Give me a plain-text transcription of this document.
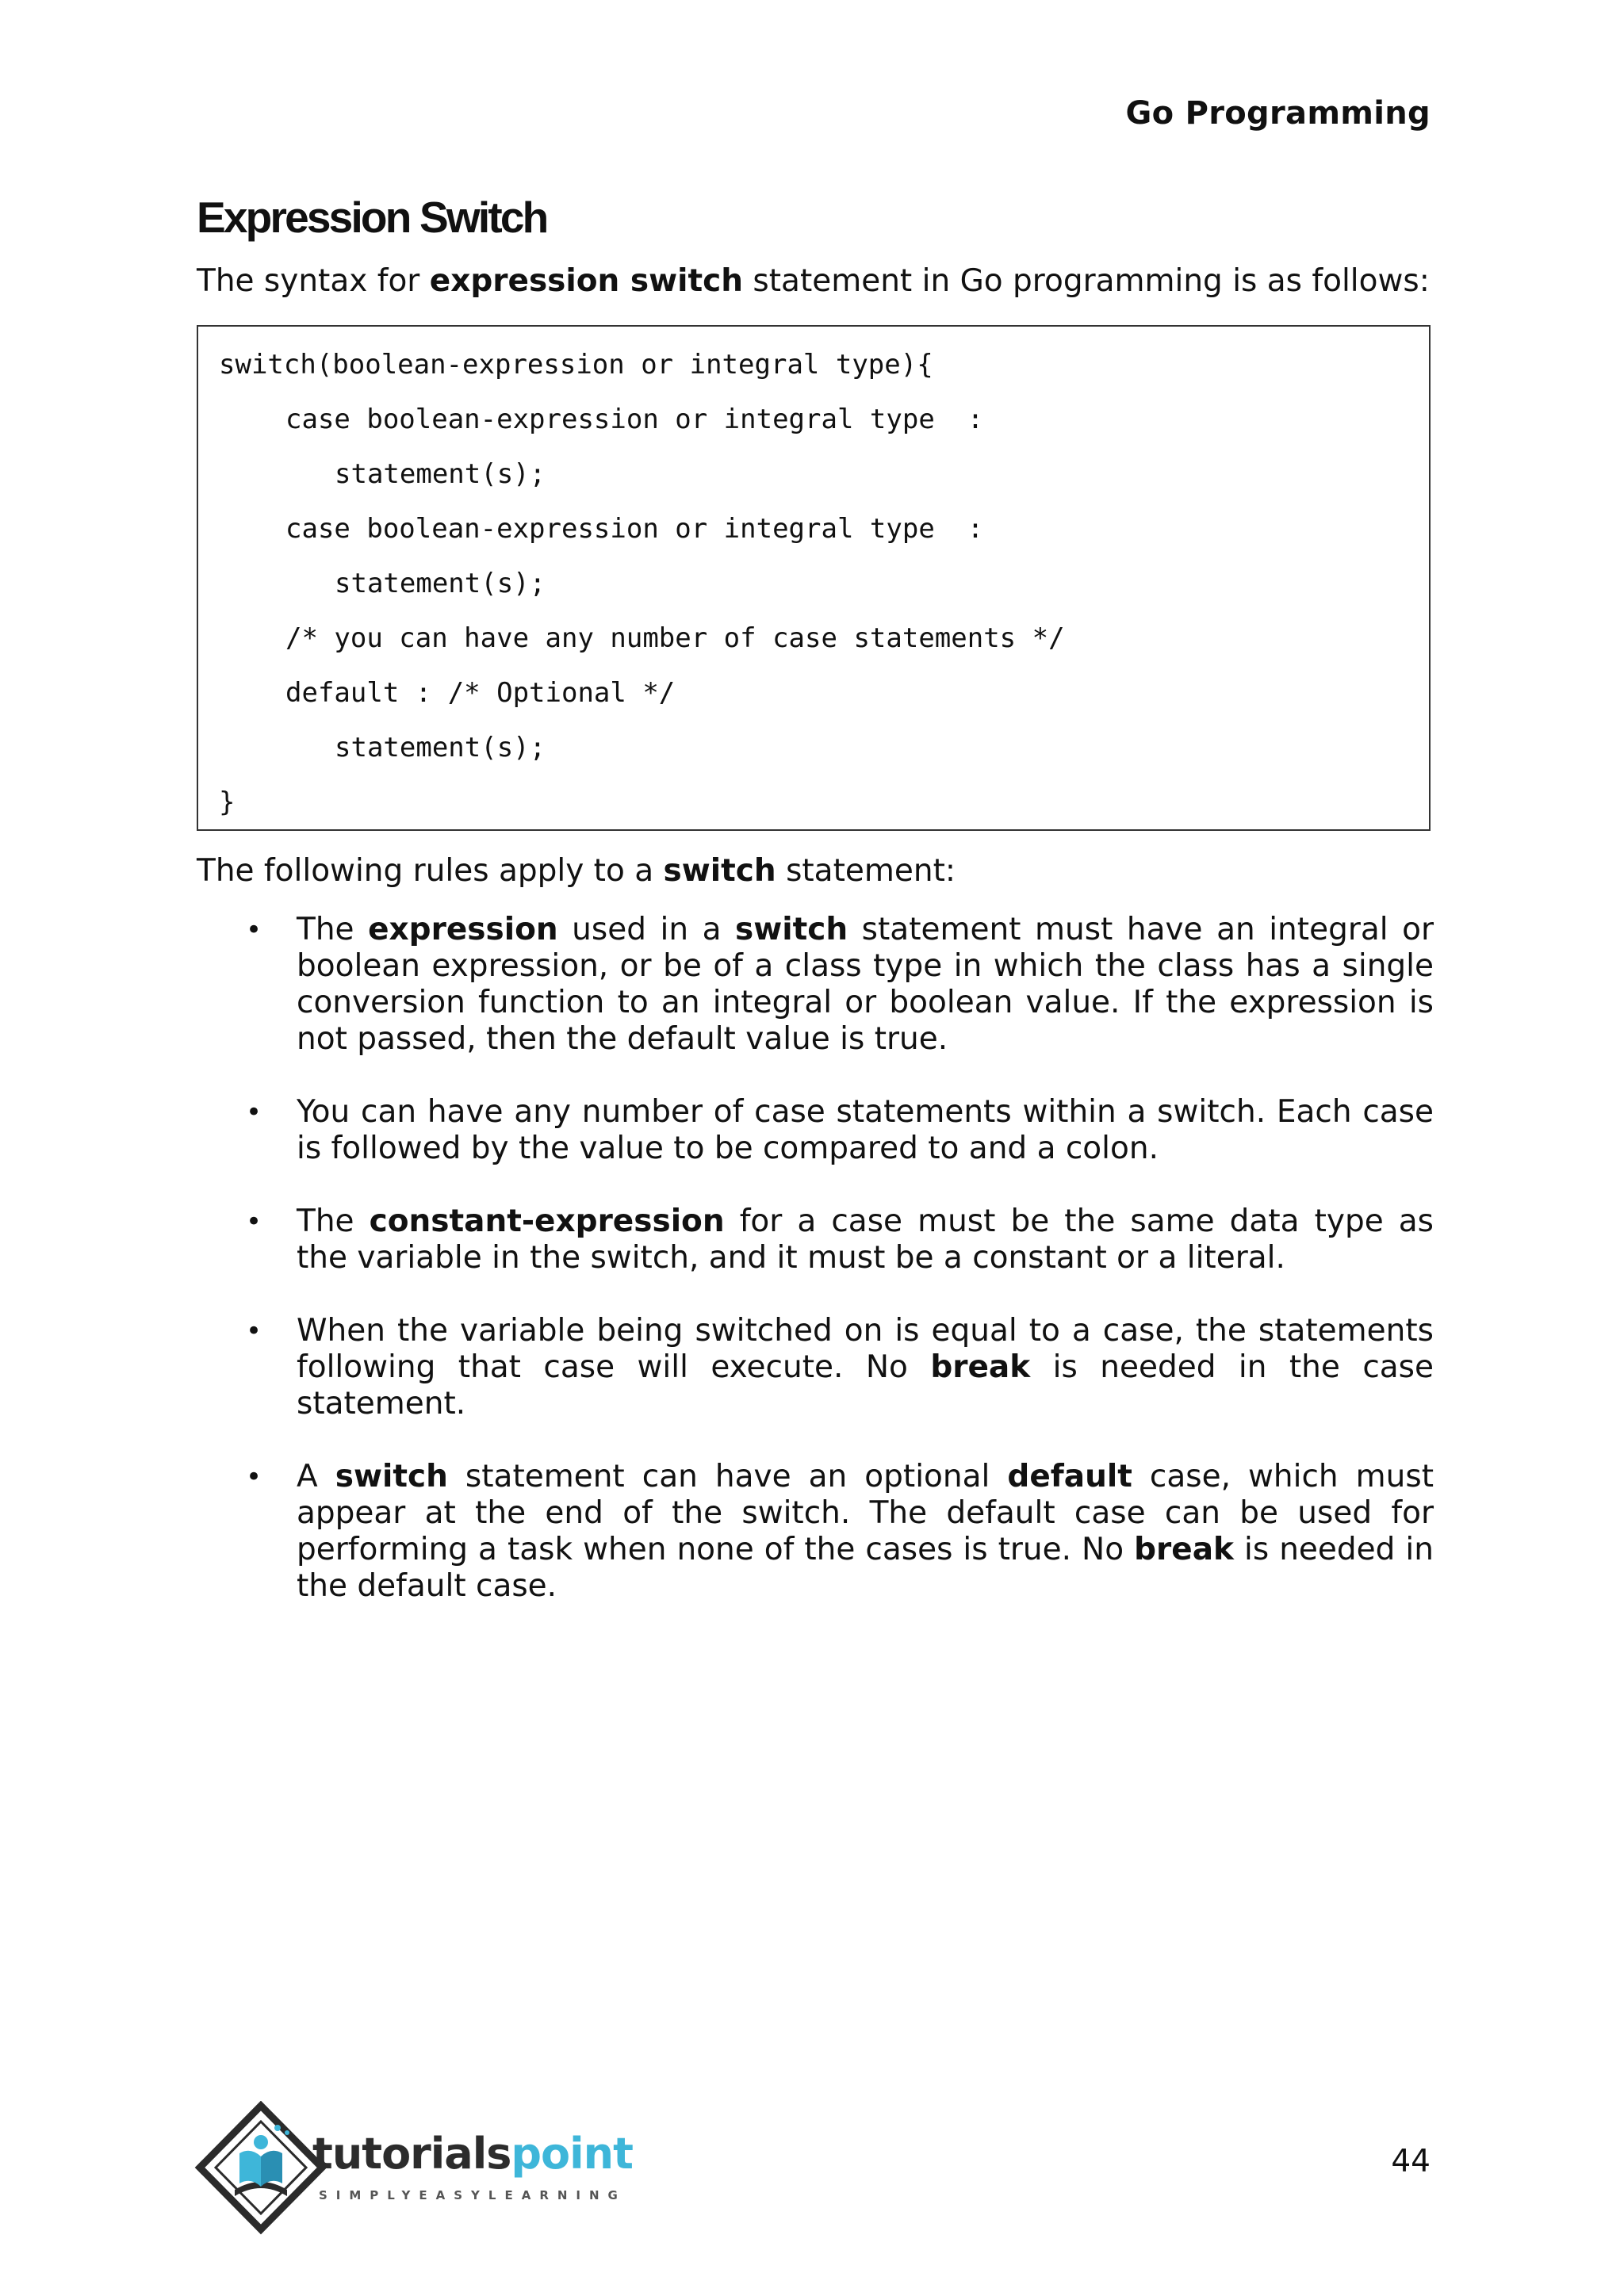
Go Programming
Expression Switch

The syntax for expression switch statement in Go programming is as follows:

switch(boolean-expression or integral type){
case boolean-expression or integral type  :
statement(s);
case boolean-expression or integral type  :
statement(s);
/* you can have any number of case statements */
default : /* Optional */
statement(s);
}

The following rules apply to a switch statement:

• The expression used in a switch statement must have an integral or boolean expression, or be of a class type in which the class has a single conversion function to an integral or boolean value. If the expression is not passed, then the default value is true.
• You can have any number of case statements within a switch. Each case is followed by the value to be compared to and a colon.
• The constant-expression for a case must be the same data type as the variable in the switch, and it must be a constant or a literal.
• When the variable being switched on is equal to a case, the statements following that case will execute. No break is needed in the case statement.
• A switch statement can have an optional default case, which must appear at the end of the switch. The default case can be used for performing a task when none of the cases is true. No break is needed in the default case.
tutorialspoint
SIMPLYEASYLEARNING
44
